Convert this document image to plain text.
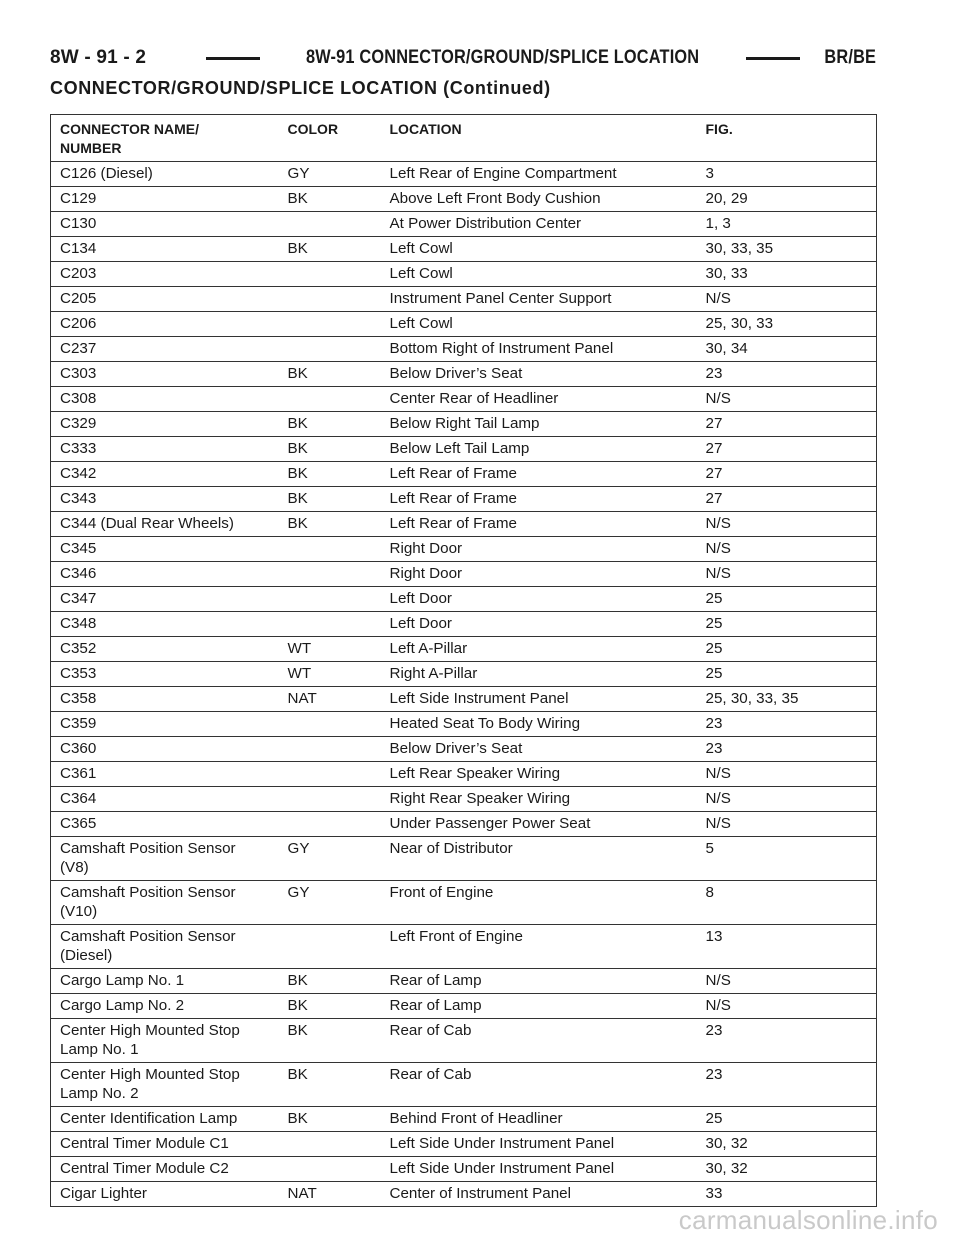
8W - 91 - 2	8W-91 CONNECTOR/GROUND/SPLICE LOCATION	BR/BE
CONNECTOR/GROUND/SPLICE LOCATION (Continued)
CONNECTOR NAME/
NUMBER	COLOR	LOCATION	FIG.
C126 (Diesel)	GY	Left Rear of Engine Compartment	3
C129	BK	Above Left Front Body Cushion	20, 29
C130		At Power Distribution Center	1, 3
C134	BK	Left Cowl	30, 33, 35
C203		Left Cowl	30, 33
C205		Instrument Panel Center Support	N/S
C206		Left Cowl	25, 30, 33
C237		Bottom Right of Instrument Panel	30, 34
C303	BK	Below Driver’s Seat	23
C308		Center Rear of Headliner	N/S
C329	BK	Below Right Tail Lamp	27
C333	BK	Below Left Tail Lamp	27
C342	BK	Left Rear of Frame	27
C343	BK	Left Rear of Frame	27
C344 (Dual Rear Wheels)	BK	Left Rear of Frame	N/S
C345		Right Door	N/S
C346		Right Door	N/S
C347		Left Door	25
C348		Left Door	25
C352	WT	Left A-Pillar	25
C353	WT	Right A-Pillar	25
C358	NAT	Left Side Instrument Panel	25, 30, 33, 35
C359		Heated Seat To Body Wiring	23
C360		Below Driver’s Seat	23
C361		Left Rear Speaker Wiring	N/S
C364		Right Rear Speaker Wiring	N/S
C365		Under Passenger Power Seat	N/S
Camshaft Position Sensor
(V8)	GY	Near of Distributor	5
Camshaft Position Sensor
(V10)	GY	Front of Engine	8
Camshaft Position Sensor
(Diesel)		Left Front of Engine	13
Cargo Lamp No. 1	BK	Rear of Lamp	N/S
Cargo Lamp No. 2	BK	Rear of Lamp	N/S
Center High Mounted Stop
Lamp No. 1	BK	Rear of Cab	23
Center High Mounted Stop
Lamp No. 2	BK	Rear of Cab	23
Center Identification Lamp	BK	Behind Front of Headliner	25
Central Timer Module C1		Left Side Under Instrument Panel	30, 32
Central Timer Module C2		Left Side Under Instrument Panel	30, 32
Cigar Lighter	NAT	Center of Instrument Panel	33
carmanualsonline.info
